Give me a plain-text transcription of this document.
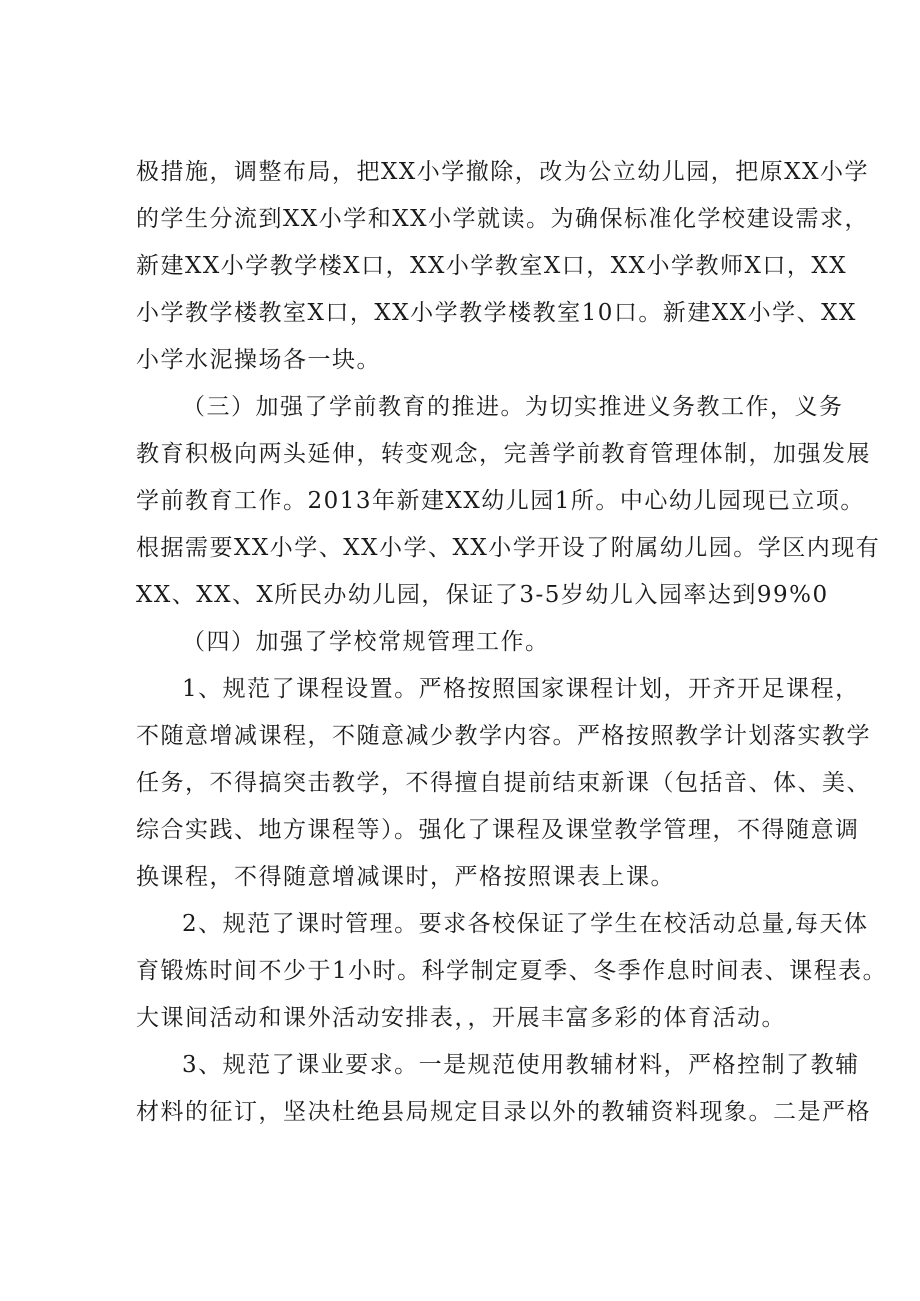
极措施，调整布局，把XX小学撤除，改为公立幼儿园，把原XX小学
的学生分流到XX小学和XX小学就读。为确保标准化学校建设需求，
新建XX小学教学楼X口，XX小学教室X口，XX小学教师X口，XX
小学教学楼教室X口，XX小学教学楼教室10口。新建XX小学、XX
小学水泥操场各一块。
（三）加强了学前教育的推进。为切实推进义务教工作，义务
教育积极向两头延伸，转变观念，完善学前教育管理体制，加强发展
学前教育工作。2013年新建XX幼儿园1所。中心幼儿园现已立项。
根据需要XX小学、XX小学、XX小学开设了附属幼儿园。学区内现有
XX、XX、X所民办幼儿园，保证了3-5岁幼儿入园率达到99%0
（四）加强了学校常规管理工作。
1、规范了课程设置。严格按照国家课程计划，开齐开足课程，
不随意增减课程，不随意减少教学内容。严格按照教学计划落实教学
任务，不得搞突击教学，不得擅自提前结束新课（包括音、体、美、
综合实践、地方课程等）。强化了课程及课堂教学管理，不得随意调
换课程，不得随意增减课时，严格按照课表上课。
2、规范了课时管理。要求各校保证了学生在校活动总量,每天体
育锻炼时间不少于1小时。科学制定夏季、冬季作息时间表、课程表。
大课间活动和课外活动安排表，，开展丰富多彩的体育活动。
3、规范了课业要求。一是规范使用教辅材料，严格控制了教辅
材料的征订，坚决杜绝县局规定目录以外的教辅资料现象。二是严格
